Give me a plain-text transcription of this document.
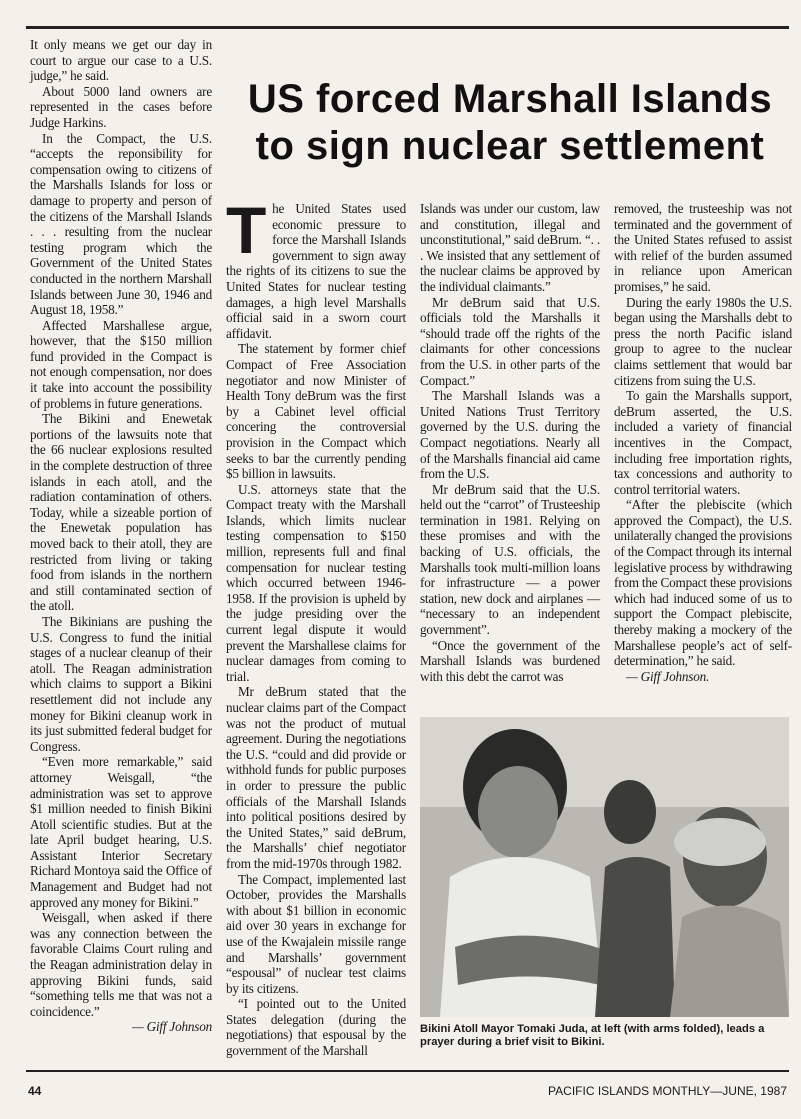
US forced Marshall Islands to sign nuclear settlement

It only means we get our day in court to argue our case to a U.S. judge,” he said.

About 5000 land owners are represented in the cases before Judge Harkins.

In the Compact, the U.S. “accepts the reponsibility for compensation owing to citizens of the Marshalls Islands for loss or damage to property and person of the citizens of the Marshall Islands . . . resulting from the nuclear testing program which the Government of the United States conducted in the northern Marshall Islands between June 30, 1946 and August 18, 1958.”

Affected Marshallese argue, however, that the $150 million fund provided in the Compact is not enough compensation, nor does it take into account the possibility of problems in future generations.

The Bikini and Enewetak portions of the lawsuits note that the 66 nuclear explosions resulted in the complete destruction of three islands in each atoll, and the radiation contamination of others. Today, while a sizeable portion of the Enewetak population has moved back to their atoll, they are restricted from living or taking food from islands in the northern and still contaminated section of the atoll.

The Bikinians are pushing the U.S. Congress to fund the initial stages of a nuclear cleanup of their atoll. The Reagan administration which claims to support a Bikini resettlement did not include any money for Bikini cleanup work in its just submitted federal budget for Congress.

“Even more remarkable,” said attorney Weisgall, “the administration was set to approve $1 million needed to finish Bikini Atoll scientific studies. But at the late April budget hearing, U.S. Assistant Interior Secretary Richard Montoya said the Office of Management and Budget had not approved any money for Bikini.”

Weisgall, when asked if there was any connection between the favorable Claims Court ruling and the Reagan administration delay in approving Bikini funds, said “something tells me that was not a coincidence.”

— Giff Johnson

The United States used economic pressure to force the Marshall Islands government to sign away the rights of its citizens to sue the United States for nuclear testing damages, a high level Marshalls official said in a sworn court affidavit.

The statement by former chief Compact of Free Association negotiator and now Minister of Health Tony deBrum was the first by a Cabinet level official concering the controversial provision in the Compact which seeks to bar the currently pending $5 billion in lawsuits.

U.S. attorneys state that the Compact treaty with the Marshall Islands, which limits nuclear testing compensation to $150 million, represents full and final compensation for nuclear testing which occurred between 1946-1958. If the provision is upheld by the judge presiding over the current legal dispute it would prevent the Marshallese claims for nuclear damages from coming to trial.

Mr deBrum stated that the nuclear claims part of the Compact was not the product of mutual agreement. During the negotiations the U.S. “could and did provide or withhold funds for public purposes in order to pressure the public officials of the Marshall Islands into political positions desired by the United States,” said deBrum, the Marshalls’ chief negotiator from the mid-1970s through 1982.

The Compact, implemented last October, provides the Marshalls with about $1 billion in economic aid over 30 years in exchange for use of the Kwajalein missile range and Marshalls’ government “espousal” of nuclear test claims by its citizens.

“I pointed out to the United States delegation (during the negotiations) that espousal by the government of the Marshall

Islands was under our custom, law and constitution, illegal and unconstitutional,” said deBrum. “. . . We insisted that any settlement of the nuclear claims be approved by the individual claimants.”

Mr deBrum said that U.S. officials told the Marshalls it “should trade off the rights of the claimants for other concessions from the U.S. in other parts of the Compact.”

The Marshall Islands was a United Nations Trust Territory governed by the U.S. during the Compact negotiations. Nearly all of the Marshalls financial aid came from the U.S.

Mr deBrum said that the U.S. held out the “carrot” of Trusteeship termination in 1981. Relying on these promises and with the backing of U.S. officials, the Marshalls took multi-million loans for infrastructure — a power station, new dock and airplanes — “necessary to an independent government”.

“Once the government of the Marshall Islands was burdened with this debt the carrot was

removed, the trusteeship was not terminated and the government of the United States refused to assist with relief of the burden assumed in reliance upon American promises,” he said.

During the early 1980s the U.S. began using the Marshalls debt to press the north Pacific island group to agree to the nuclear claims settlement that would bar citizens from suing the U.S.

To gain the Marshalls support, deBrum asserted, the U.S. included a variety of financial incentives in the Compact, including free importation rights, tax concessions and authority to control territorial waters.

“After the plebiscite (which approved the Compact), the U.S. unilaterally changed the provisions of the Compact through its internal legislative process by withdrawing from the Compact these provisions which had induced some of us to support the Compact plebiscite, thereby making a mockery of the Marshallese people’s act of self-determination,” he said.

— Giff Johnson.

Bikini Atoll Mayor Tomaki Juda, at left (with arms folded), leads a prayer during a brief visit to Bikini.

44	PACIFIC ISLANDS MONTHLY—JUNE, 1987
